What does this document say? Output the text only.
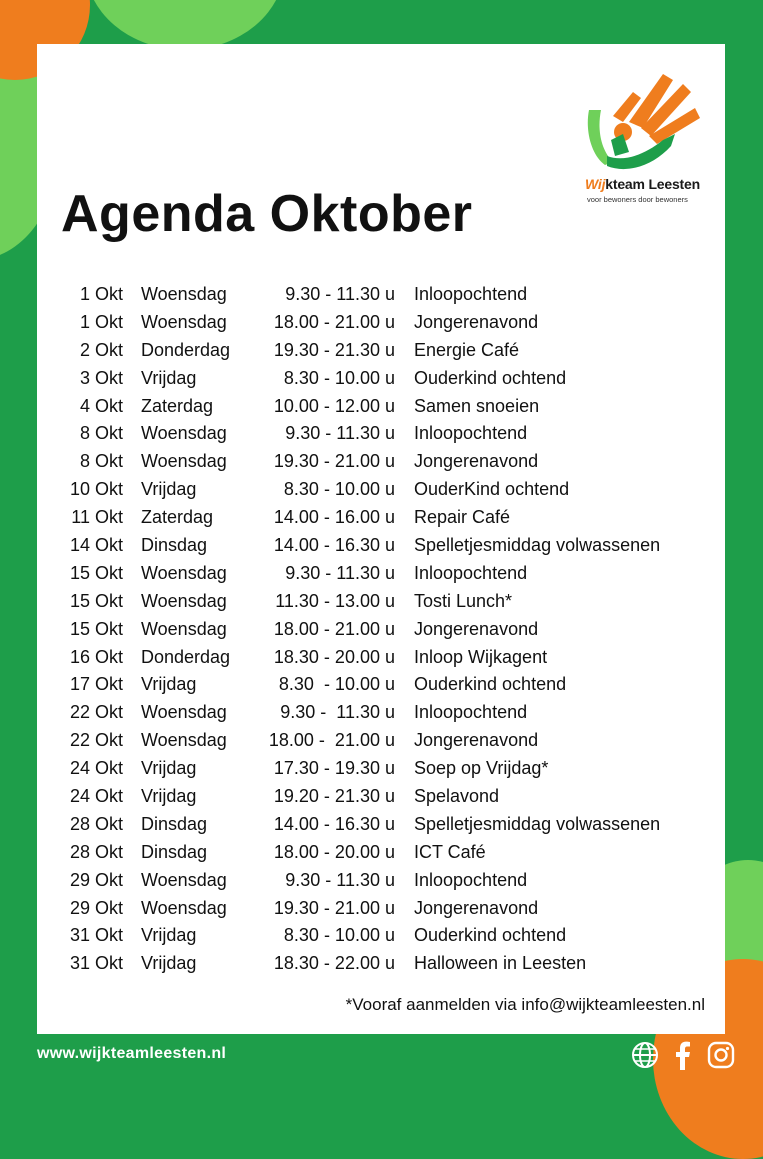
Wijkteam Leesten
voor bewoners door bewoners
Agenda Oktober
1 Okt Woensdag	9.30 - 11.30 u Inloopochtend
1 Okt Woensdag	18.00 - 21.00 u Jongerenavond
2 Okt Donderdag 19.30 - 21.30 u Energie Café
3 Okt Vrijdag	8.30 - 10.00 u Ouderkind ochtend
4 Okt Zaterdag	10.00 - 12.00 u Samen snoeien
8 Okt Woensdag	9.30 - 11.30 u Inloopochtend
8 Okt Woensdag	19.30 - 21.00 u Jongerenavond
10 Okt Vrijdag	8.30 - 10.00 u OuderKind ochtend
11 Okt Zaterdag	14.00 - 16.00 u Repair Café
14 Okt Dinsdag	14.00 - 16.30 u Spelletjesmiddag volwassenen
15 Okt Woensdag	9.30 - 11.30 u Inloopochtend
15 Okt Woensdag	11.30 - 13.00 u Tosti Lunch*
15 Okt Woensdag	18.00 - 21.00 u Jongerenavond
16 Okt Donderdag 18.30 - 20.00 u Inloop Wijkagent
17 Okt Vrijdag	8.30  - 10.00 u Ouderkind ochtend
22 Okt Woensdag	9.30 -  11.30 u Inloopochtend
22 Okt Woensdag 18.00 -  21.00 u Jongerenavond
24 Okt Vrijdag	17.30 - 19.30 u Soep op Vrijdag*
24 Okt Vrijdag	19.20 - 21.30 u Spelavond
28 Okt Dinsdag	14.00 - 16.30 u Spelletjesmiddag volwassenen
28 Okt Dinsdag	18.00 - 20.00 u ICT Café
29 Okt Woensdag	9.30 - 11.30 u Inloopochtend
29 Okt Woensdag	19.30 - 21.00 u Jongerenavond
31 Okt Vrijdag	8.30 - 10.00 u Ouderkind ochtend
31 Okt Vrijdag	18.30 - 22.00 u Halloween in Leesten
*Vooraf aanmelden via info@wijkteamleesten.nl
www.wijkteamleesten.nl
